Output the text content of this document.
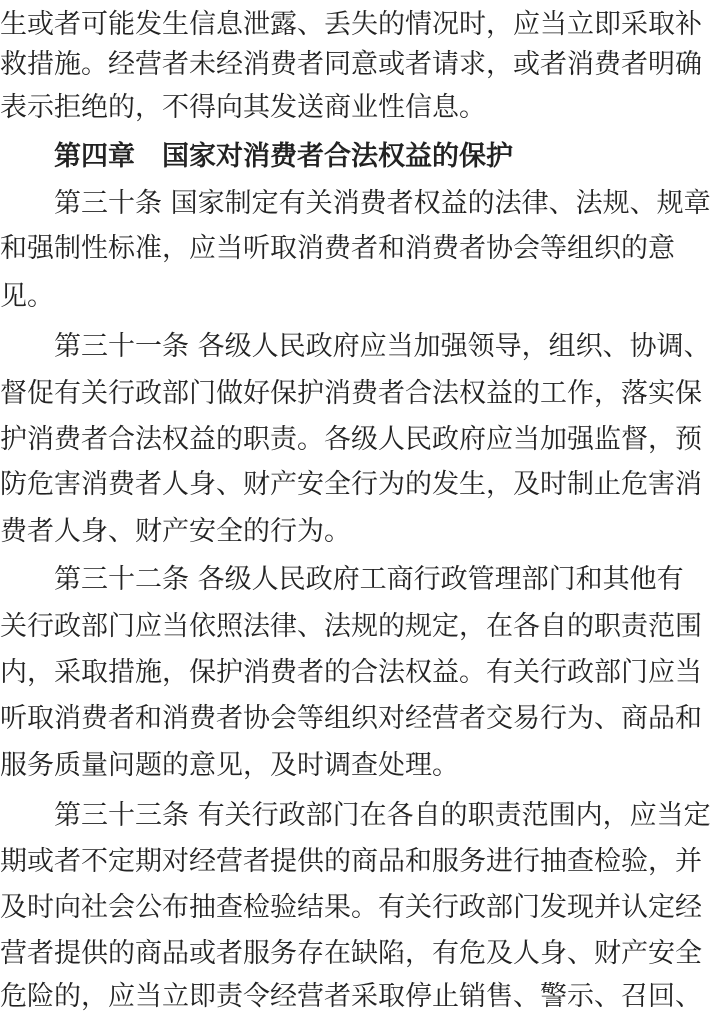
生或者可能发生信息泄露、丢失的情况时，应当立即采取补
救措施。经营者未经消费者同意或者请求，或者消费者明确
表示拒绝的，不得向其发送商业性信息。
第四章　国家对消费者合法权益的保护
第三十条 国家制定有关消费者权益的法律、法规、规章
和强制性标准，应当听取消费者和消费者协会等组织的意
见。
第三十一条 各级人民政府应当加强领导，组织、协调、
督促有关行政部门做好保护消费者合法权益的工作，落实保
护消费者合法权益的职责。各级人民政府应当加强监督，预
防危害消费者人身、财产安全行为的发生，及时制止危害消
费者人身、财产安全的行为。
第三十二条 各级人民政府工商行政管理部门和其他有
关行政部门应当依照法律、法规的规定，在各自的职责范围
内，采取措施，保护消费者的合法权益。有关行政部门应当
听取消费者和消费者协会等组织对经营者交易行为、商品和
服务质量问题的意见，及时调查处理。
第三十三条 有关行政部门在各自的职责范围内，应当定
期或者不定期对经营者提供的商品和服务进行抽查检验，并
及时向社会公布抽查检验结果。有关行政部门发现并认定经
营者提供的商品或者服务存在缺陷，有危及人身、财产安全
危险的，应当立即责令经营者采取停止销售、警示、召回、
